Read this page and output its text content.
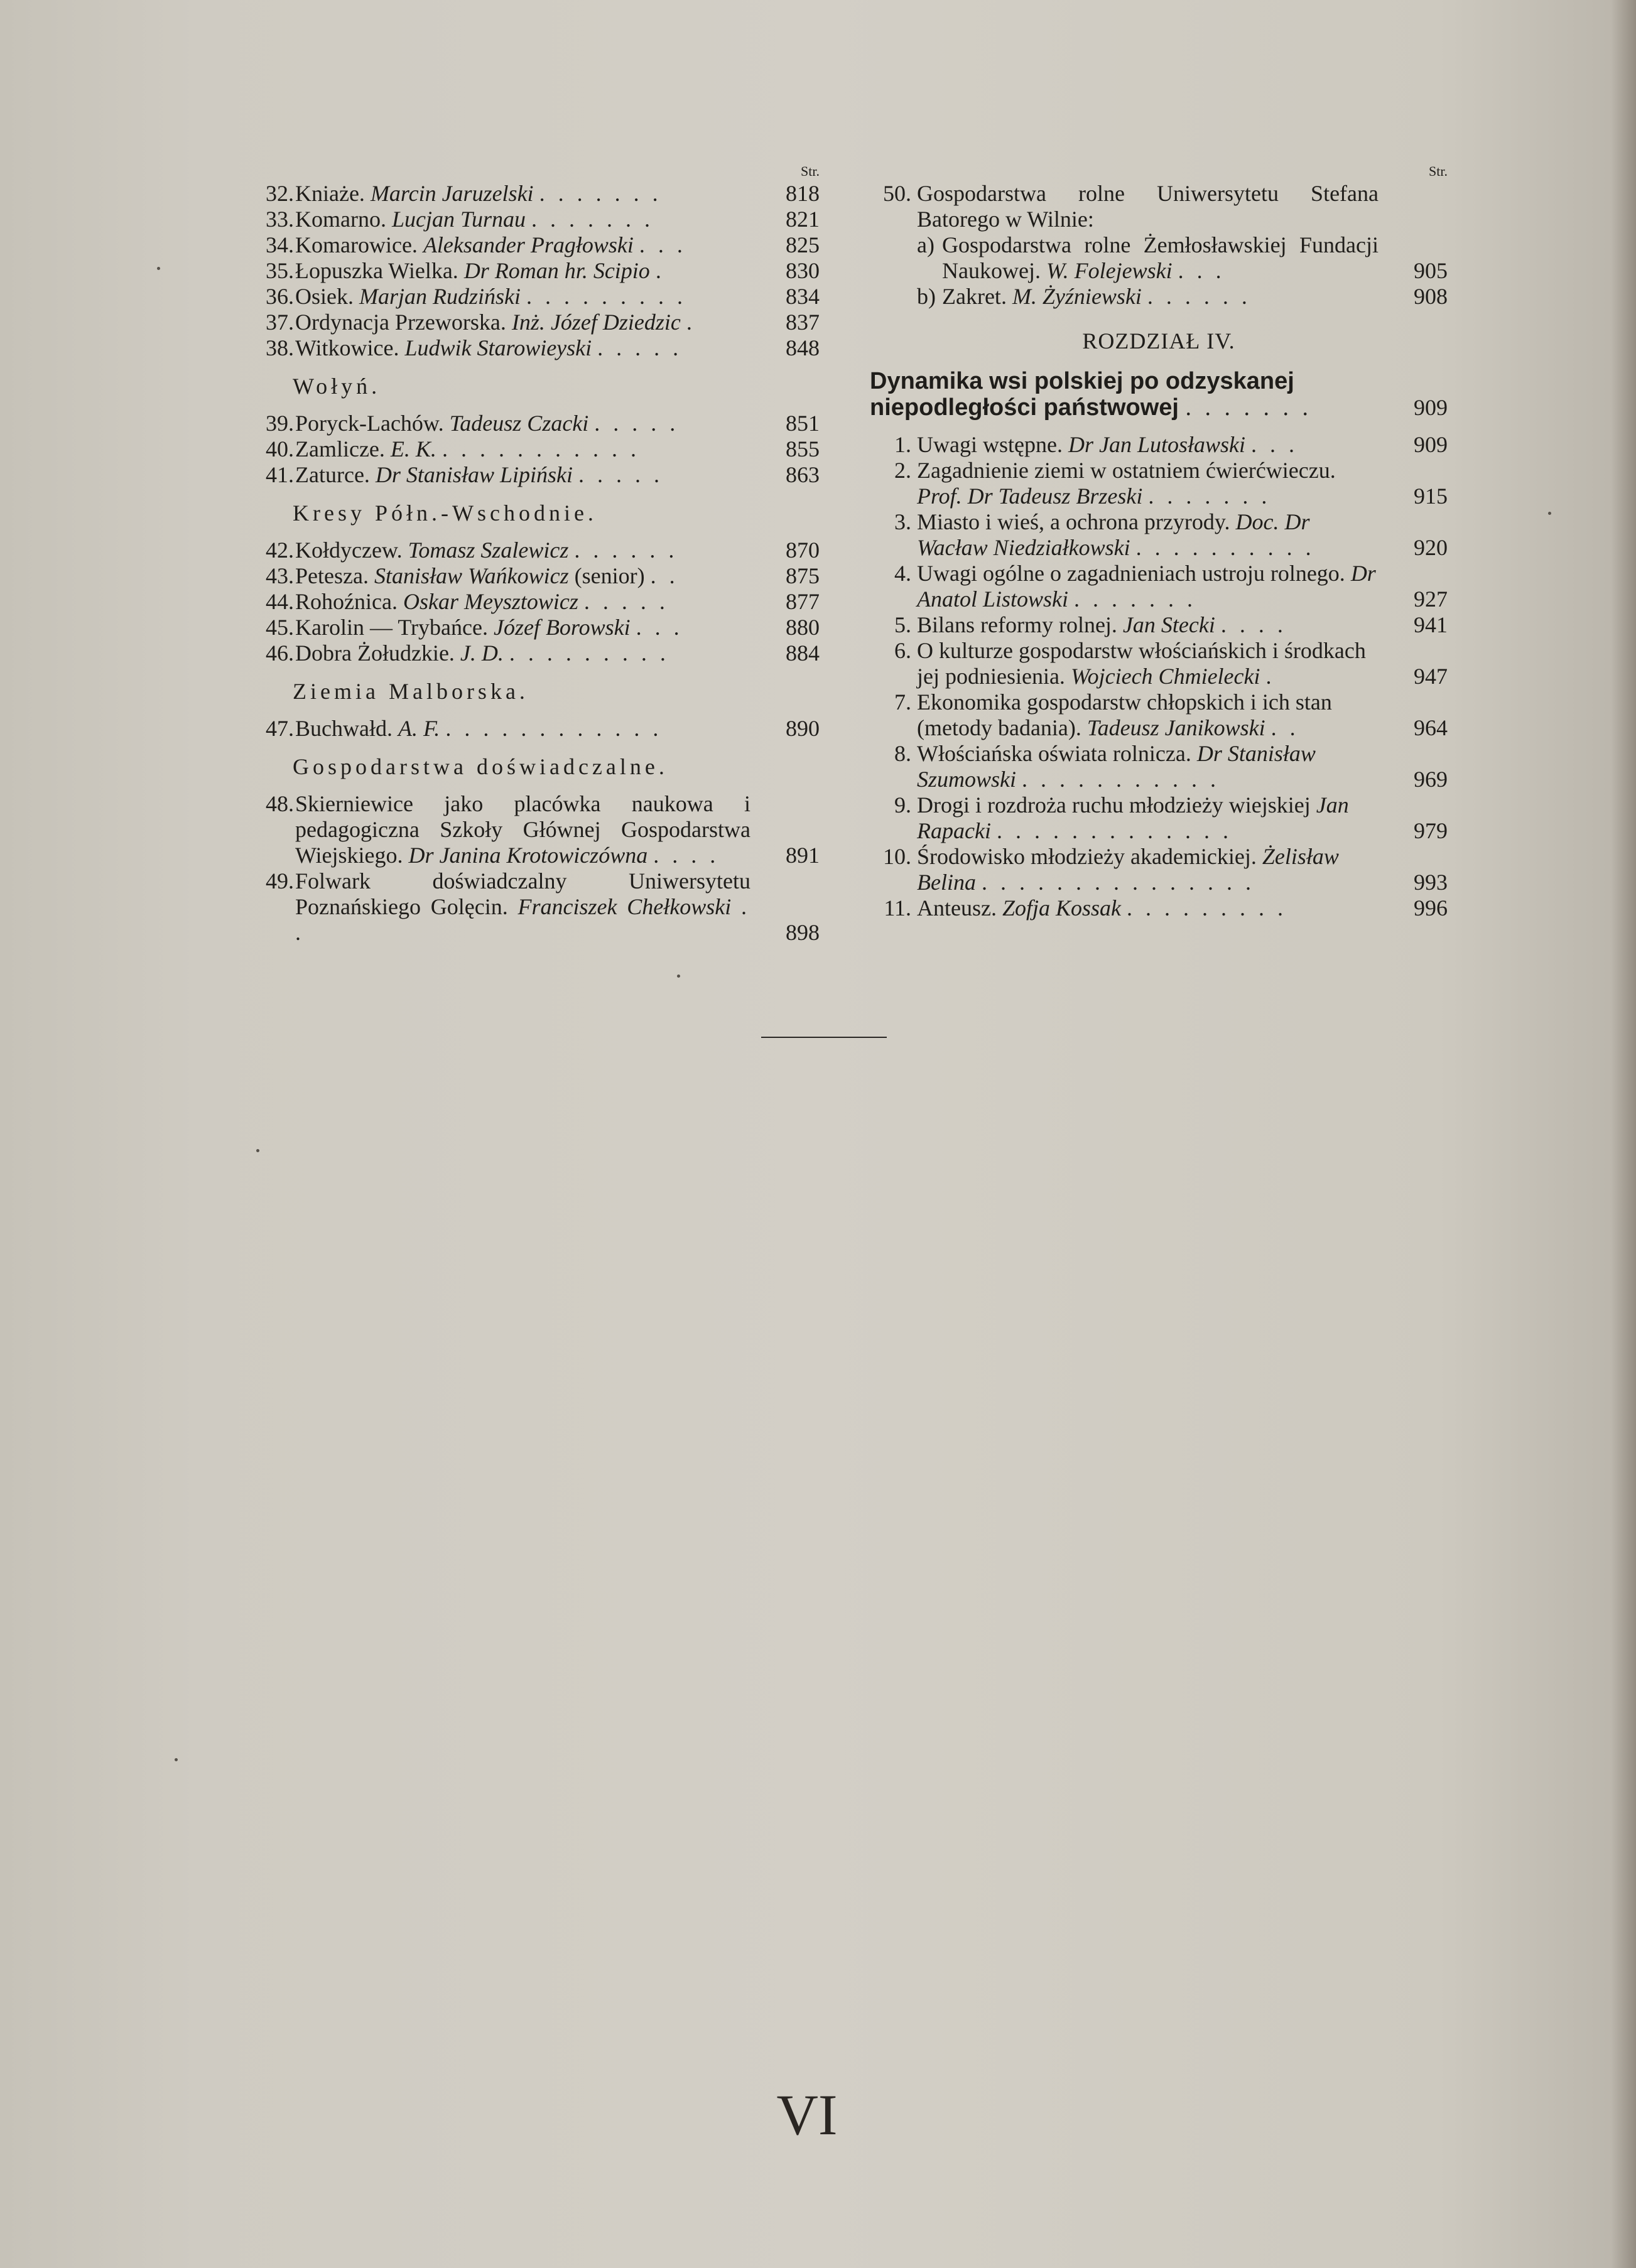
Str.
32. Kniaże. Marcin Jaruzelski . . . . . . .	818
33. Komarno. Lucjan Turnau . . . . . . .	821
34. Komarowice. Aleksander Pragłowski . . .	825
35. Łopuszka Wielka. Dr Roman hr. Scipio .	830
36. Osiek. Marjan Rudziński . . . . . . . . .	834
37. Ordynacja Przeworska. Inż. Józef Dziedzic .	837
38. Witkowice. Ludwik Starowieyski . . . . .	848
Wołyń.
39. Poryck-Lachów. Tadeusz Czacki . . . . .	851
40. Zamlicze. E. K. . . . . . . . . . . .	855
41. Zaturce. Dr Stanisław Lipiński . . . . .	863
Kresy Półn.-Wschodnie.
42. Kołdyczew. Tomasz Szalewicz . . . . . .	870
43. Petesza. Stanisław Wańkowicz (senior) . .	875
44. Rohoźnica. Oskar Meysztowicz . . . . .	877
45. Karolin — Trybańce. Józef Borowski . . .	880
46. Dobra Żołudzkie. J. D. . . . . . . . . .	884
Ziemia Malborska.
47. Buchwałd. A. F. . . . . . . . . . . . .	890
Gospodarstwa doświadczalne.
48. Skierniewice jako placówka naukowa i pedagogiczna Szkoły Głównej Gospodarstwa Wiejskiego. Dr Janina Krotowiczówna . . . .	891
49. Folwark doświadczalny Uniwersytetu Poznańskiego Golęcin. Franciszek Chełkowski . .	898
Str.
50. Gospodarstwa rolne Uniwersytetu Stefana Batorego w Wilnie:
a) Gospodarstwa rolne Żemłosławskiej Fundacji Naukowej. W. Folejewski . . .	905
b) Zakret. M. Żyźniewski . . . . . .	908
ROZDZIAŁ IV.
Dynamika wsi polskiej po odzyskanej niepodległości państwowej . . . . . . .	909
1. Uwagi wstępne. Dr Jan Lutosławski . . .	909
2. Zagadnienie ziemi w ostatniem ćwierćwieczu. Prof. Dr Tadeusz Brzeski . . . . . . .	915
3. Miasto i wieś, a ochrona przyrody. Doc. Dr Wacław Niedziałkowski . . . . . . . . . .	920
4. Uwagi ogólne o zagadnieniach ustroju rolnego. Dr Anatol Listowski . . . . . . .	927
5. Bilans reformy rolnej. Jan Stecki . . . .	941
6. O kulturze gospodarstw włościańskich i środkach jej podniesienia. Wojciech Chmielecki .	947
7. Ekonomika gospodarstw chłopskich i ich stan (metody badania). Tadeusz Janikowski . .	964
8. Włościańska oświata rolnicza. Dr Stanisław Szumowski . . . . . . . . . . .	969
9. Drogi i rozdroża ruchu młodzieży wiejskiej Jan Rapacki . . . . . . . . . . . . .	979
10. Środowisko młodzieży akademickiej. Żelisław Belina . . . . . . . . . . . . . . .	993
11. Anteusz. Zofja Kossak . . . . . . . . .	996
VI
